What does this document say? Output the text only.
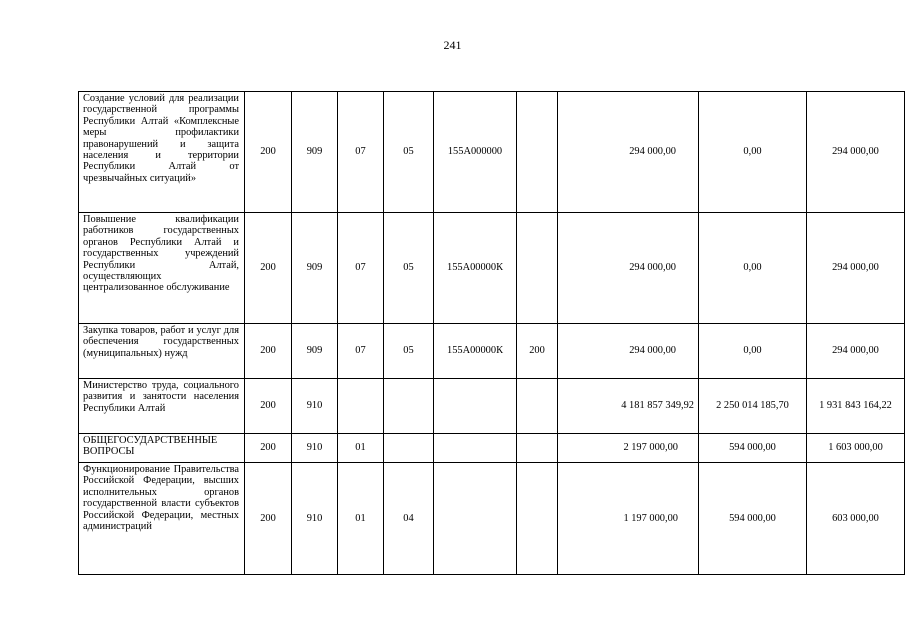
241
Создание условий для реализации государственной программы Республики Алтай «Комплексные меры профилактики правонарушений и защита населения и территории Республики Алтай от чрезвычайных ситуаций»	200	909	07	05	155А000000		294 000,00	0,00	294 000,00
Повышение квалификации работников государственных органов Республики Алтай и государственных учреждений Республики Алтай, осуществляющих централизованное обслуживание	200	909	07	05	155А00000К		294 000,00	0,00	294 000,00
Закупка товаров, работ и услуг для обеспечения государственных (муниципальных) нужд	200	909	07	05	155А00000К	200	294 000,00	0,00	294 000,00
Министерство труда, социального развития и занятости населения Республики Алтай	200	910					4 181 857 349,92	2 250 014 185,70	1 931 843 164,22
ОБЩЕГОСУДАРСТВЕННЫЕ ВОПРОСЫ	200	910	01				2 197 000,00	594 000,00	1 603 000,00
Функционирование Правительства Российской Федерации, высших исполнительных органов государственной власти субъектов Российской Федерации, местных администраций	200	910	01	04			1 197 000,00	594 000,00	603 000,00
